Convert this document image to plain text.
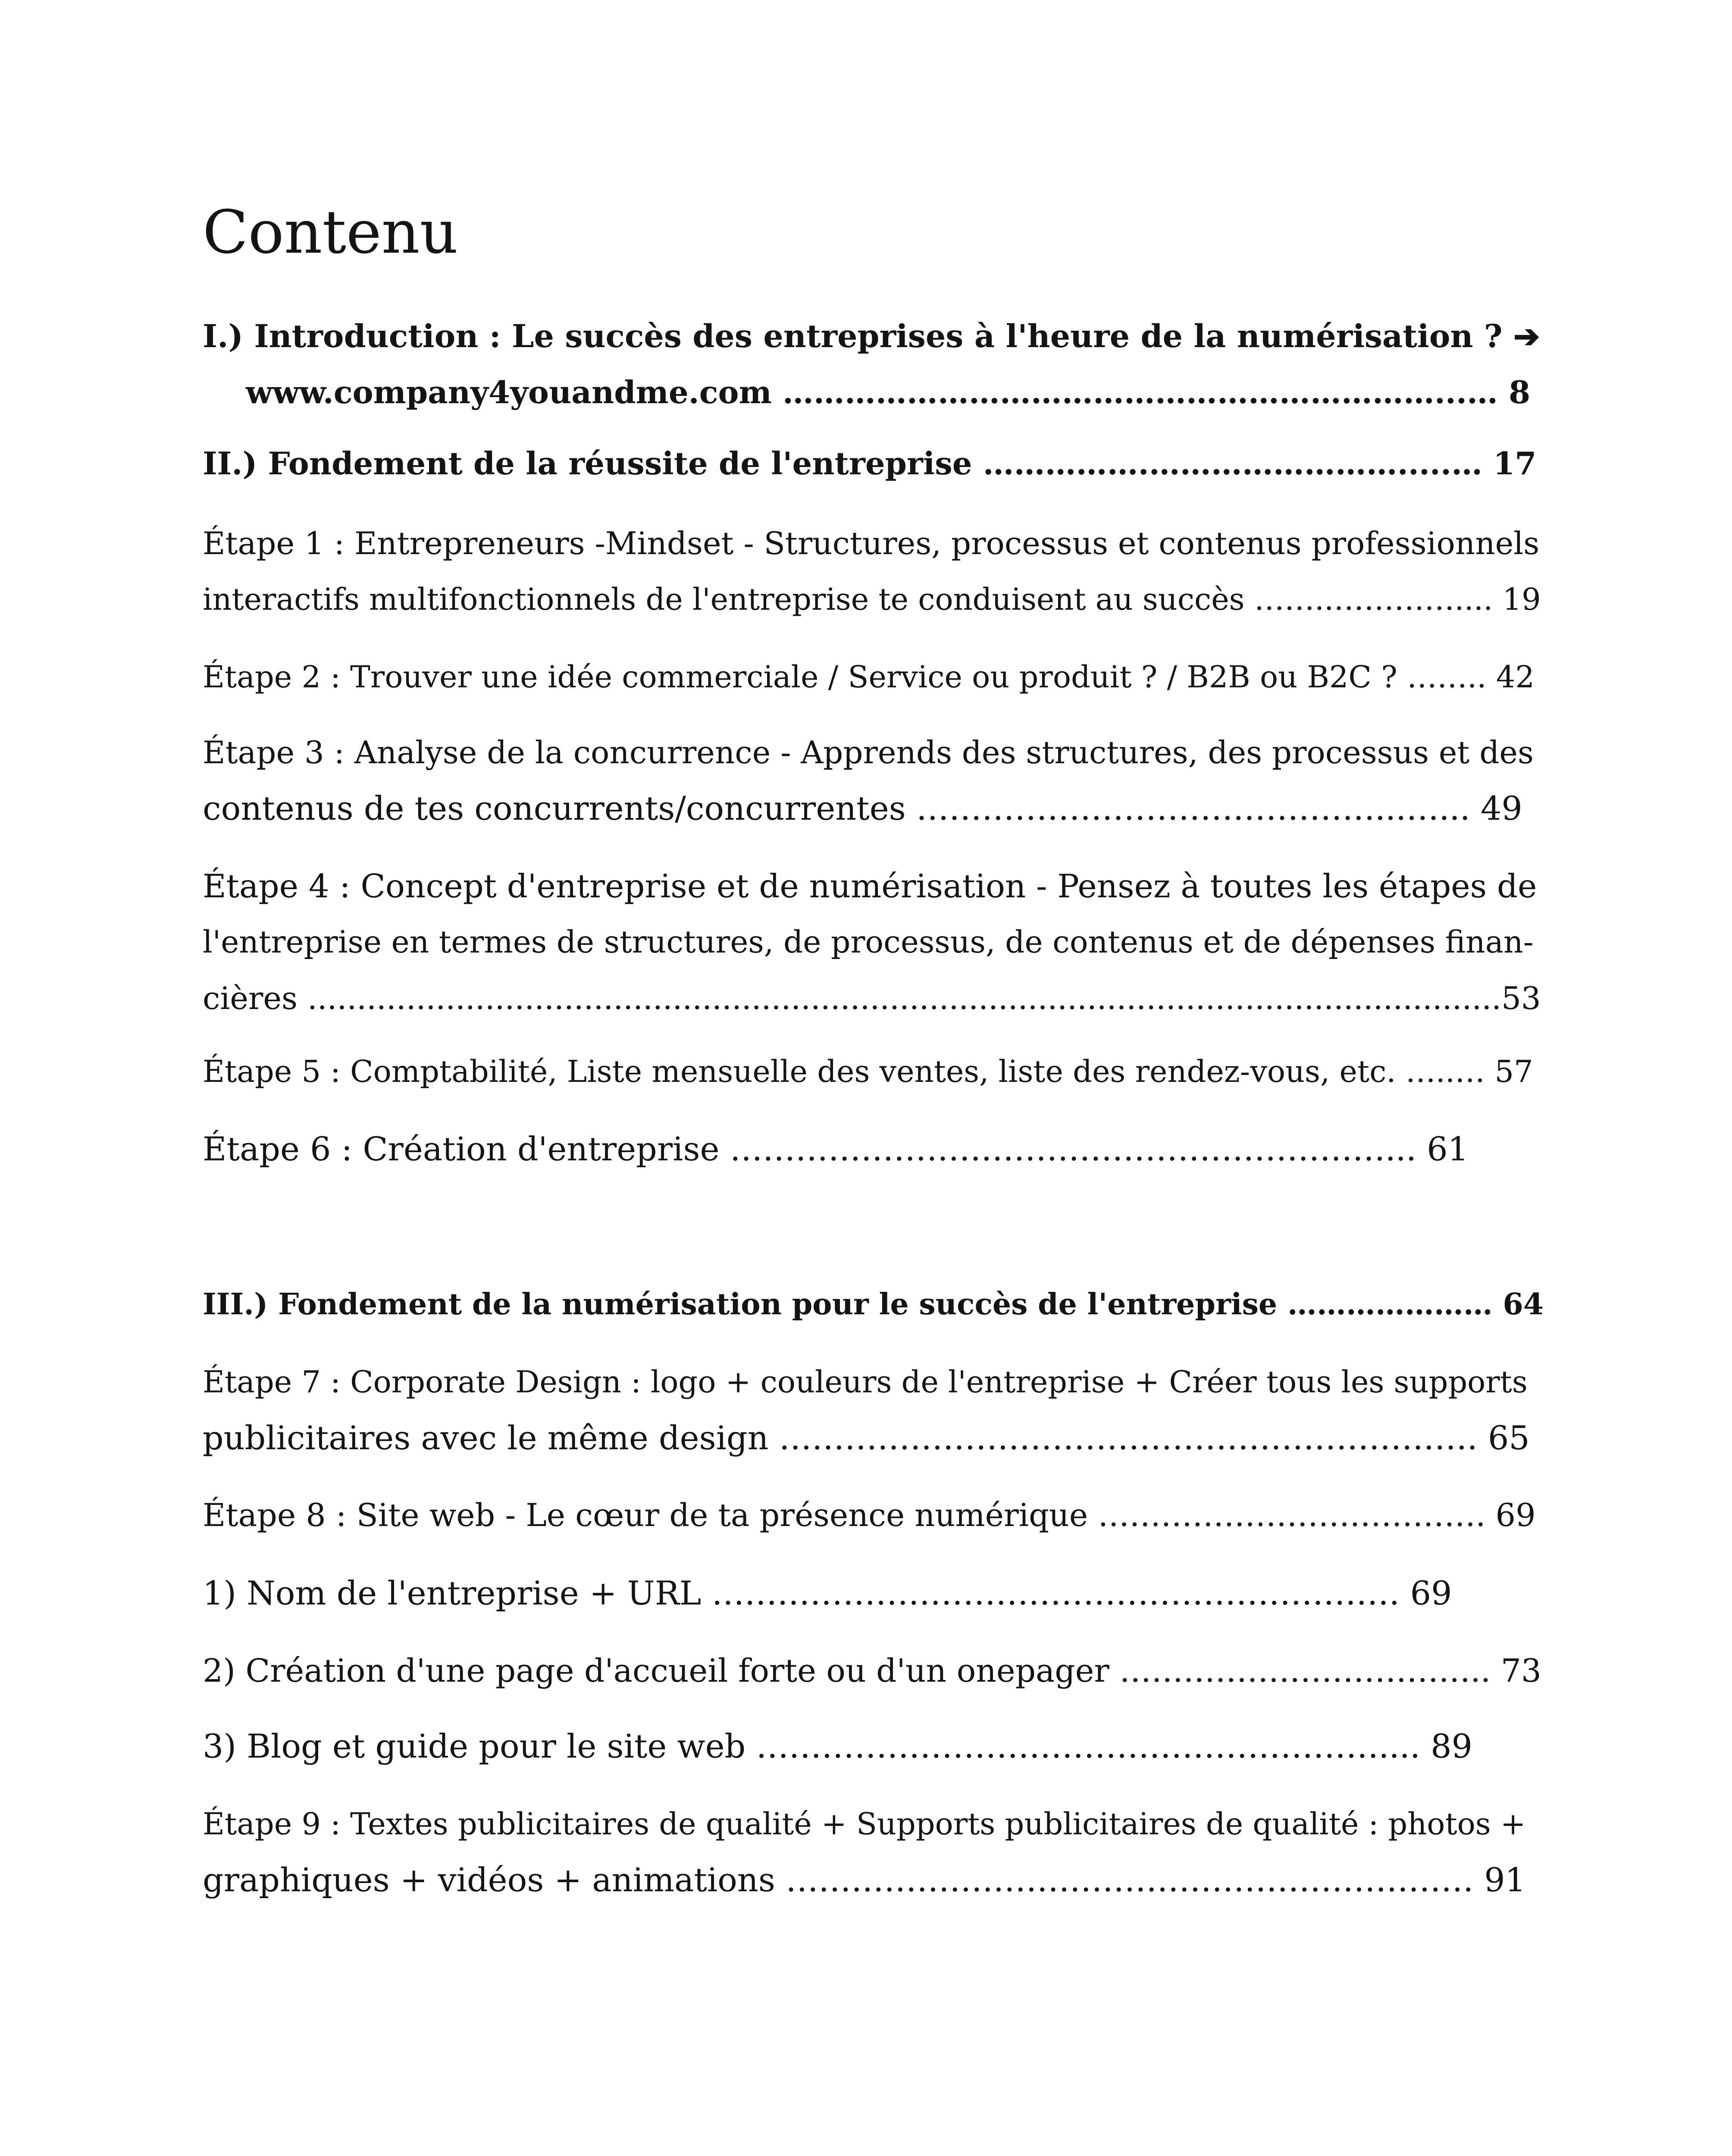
Contenu
I.) Introduction : Le succès des entreprises à l'heure de la numérisation ? ➔
www.company4youandme.com ………………………………………………………...… 8
II.) Fondement de la réussite de l'entreprise …………….…………………….....… 17
Étape 1 : Entrepreneurs -Mindset - Structures, processus et contenus professionnels
interactifs multifonctionnels de l'entreprise te conduisent au succès ……..………….... 19
Étape 2 : Trouver une idée commerciale / Service ou produit ? / B2B ou B2C ? …….. 42
Étape 3 : Analyse de la concurrence - Apprends des structures, des processus et des
contenus de tes concurrents/concurrentes ……………………………………...…... 49
Étape 4 : Concept d'entreprise et de numérisation - Pensez à toutes les étapes de
l'entreprise en termes de structures, de processus, de contenus et de dépenses finan-
cières .........................................................................................................................53
Étape 5 : Comptabilité, Liste mensuelle des ventes, liste des rendez-vous, etc. …..… 57
Étape 6 : Création d'entreprise ……………………………………………………... 61
III.) Fondement de la numérisation pour le succès de l'entreprise ………………… 64
Étape 7 : Corporate Design : logo + couleurs de l'entreprise + Créer tous les supports
publicitaires avec le même design ………………………………………………………. 65
Étape 8 : Site web - Le cœur de ta présence numérique ………………………………. 69
1) Nom de l'entreprise + URL ……………………………………………………… 69
2) Création d'une page d'accueil forte ou d'un onepager …………………………….. 73
3) Blog et guide pour le site web ………………………………………………….... 89
Étape 9 : Textes publicitaires de qualité + Supports publicitaires de qualité : photos +
graphiques + vidéos + animations ……………………………………………………… 91
